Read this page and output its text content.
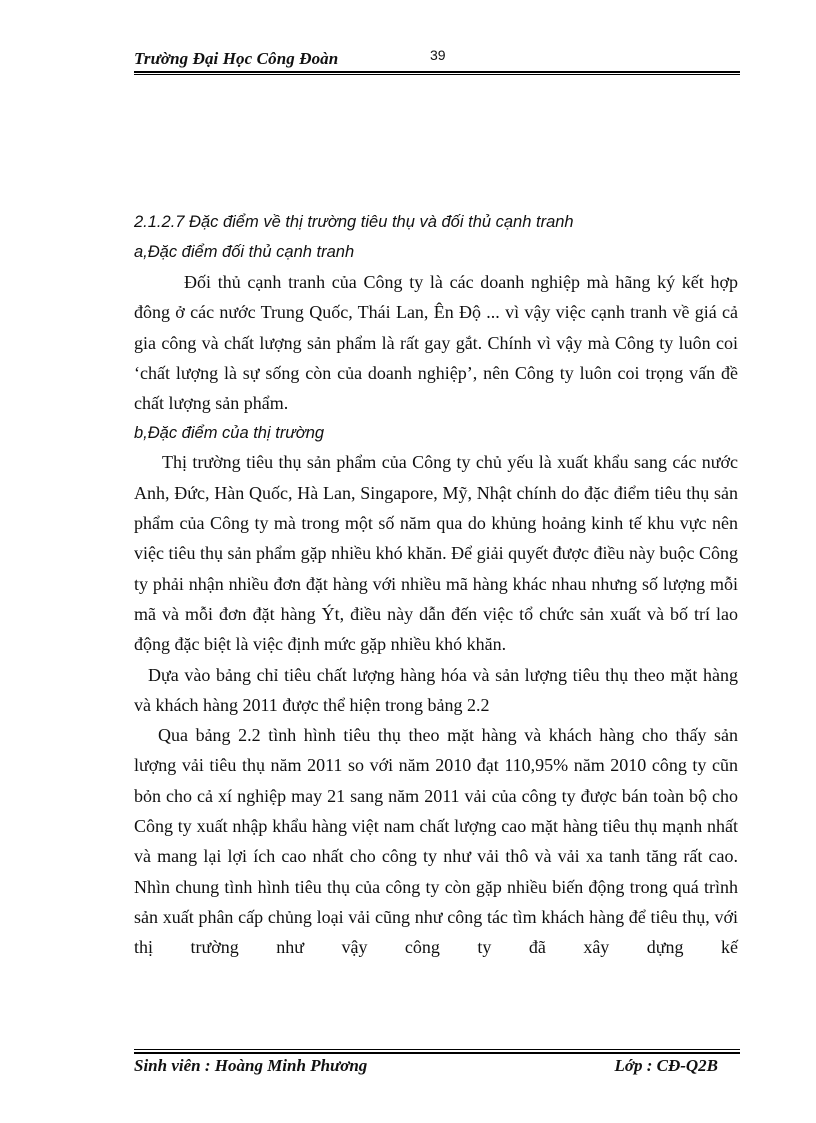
Trường Đại Học Công Đoàn	39

2.1.2.7 Đặc điểm về thị trường tiêu thụ và đối thủ cạnh tranh

a,Đặc điểm đối thủ cạnh tranh

Đối thủ cạnh tranh của Công ty là các doanh nghiệp mà hãng ký kết hợp đông ở các nước Trung Quốc, Thái Lan, Ên Độ ... vì vậy việc cạnh tranh về giá cả gia công và chất lượng sản phẩm là rất gay gắt. Chính vì vậy mà Công ty luôn coi ‘chất lượng là sự sống còn của doanh nghiệp’, nên Công ty luôn coi trọng vấn đề chất lượng sản phẩm.

b,Đặc điểm của thị trường

Thị trường tiêu thụ sản phẩm của Công ty chủ yếu là xuất khẩu sang các nước Anh, Đức, Hàn Quốc, Hà Lan, Singapore, Mỹ, Nhật chính do đặc điểm tiêu thụ sản phẩm của Công ty mà trong một số năm qua do khủng hoảng kinh tế khu vực nên việc tiêu thụ sản phẩm gặp nhiều khó khăn. Để giải quyết được điều này buộc Công ty phải nhận nhiều đơn đặt hàng với nhiều mã hàng khác nhau nhưng số lượng mỗi mã và mỗi đơn đặt hàng Ýt, điều này dẫn đến việc tổ chức sản xuất và bố trí lao động đặc biệt là việc định mức gặp nhiều khó khăn.

Dựa vào bảng chỉ tiêu chất lượng hàng hóa và sản lượng tiêu thụ theo mặt hàng và khách hàng 2011 được thể hiện trong bảng 2.2

Qua bảng 2.2 tình hình tiêu thụ theo mặt hàng và khách hàng cho thấy sản lượng vải tiêu thụ năm 2011 so với năm 2010 đạt 110,95% năm 2010 công ty cũn bỏn cho cả xí nghiệp may 21 sang năm 2011 vải của công ty được bán toàn bộ cho Công ty xuất nhập khẩu hàng việt nam chất lượng cao mặt hàng tiêu thụ mạnh nhất và mang lại lợi ích cao nhất cho công ty như vải thô và vải xa tanh tăng rất cao. Nhìn chung tình hình tiêu thụ của công ty còn gặp nhiều biến động trong quá trình sản xuất phân cấp chủng loại vải cũng như công tác tìm khách hàng để tiêu thụ, với thị trường như vậy công ty đã xây dựng kế

Sinh viên : Hoàng Minh Phương	Lớp : CĐ-Q2B
